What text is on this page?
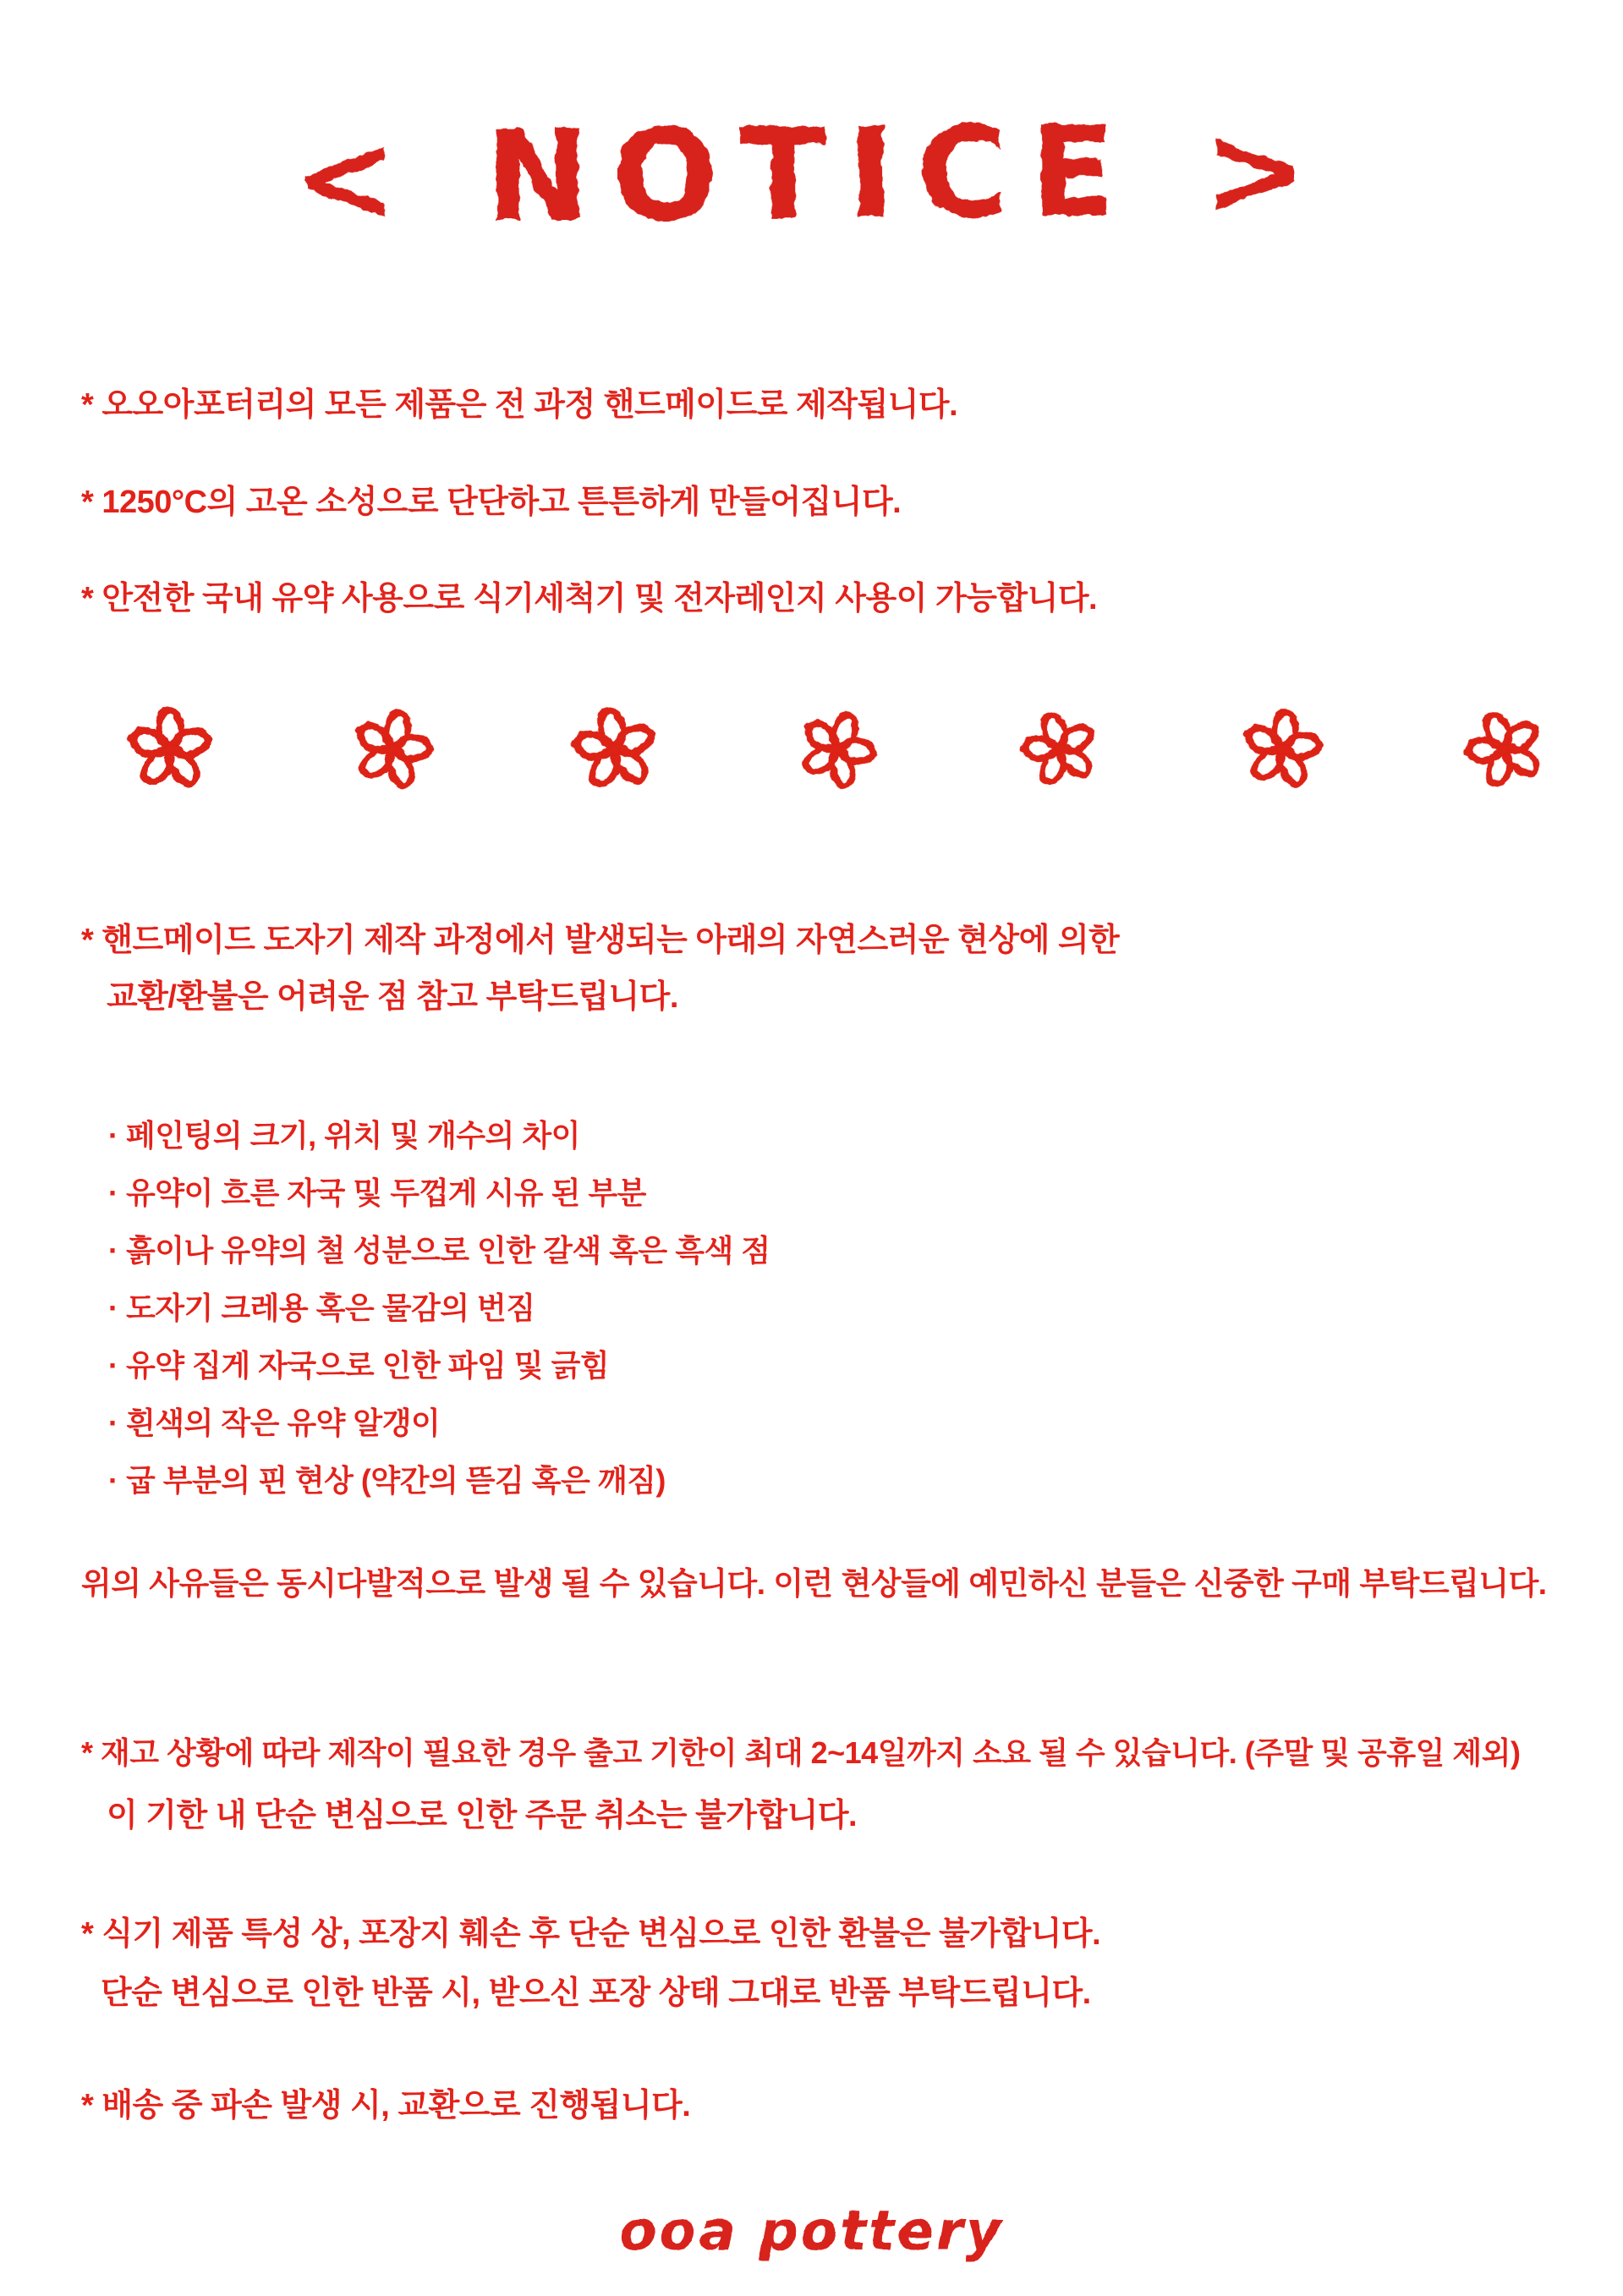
< NOTICE >
* 오오아포터리의 모든 제품은 전 과정 핸드메이드로 제작됩니다.
* 1250°C의 고온 소성으로 단단하고 튼튼하게 만들어집니다.
* 안전한 국내 유약 사용으로 식기세척기 및 전자레인지 사용이 가능합니다.
* 핸드메이드 도자기 제작 과정에서 발생되는 아래의 자연스러운 현상에 의한
교환/환불은 어려운 점 참고 부탁드립니다.
· 페인팅의 크기, 위치 및 개수의 차이
· 유약이 흐른 자국 및 두껍게 시유 된 부분
· 흙이나 유약의 철 성분으로 인한 갈색 혹은 흑색 점
· 도자기 크레용 혹은 물감의 번짐
· 유약 집게 자국으로 인한 파임 및 긁힘
· 흰색의 작은 유약 알갱이
· 굽 부분의 핀 현상 (약간의 뜯김 혹은 깨짐)
위의 사유들은 동시다발적으로 발생 될 수 있습니다. 이런 현상들에 예민하신 분들은 신중한 구매 부탁드립니다.
* 재고 상황에 따라 제작이 필요한 경우 출고 기한이 최대 2~14일까지 소요 될 수 있습니다. (주말 및 공휴일 제외)
이 기한 내 단순 변심으로 인한 주문 취소는 불가합니다.
* 식기 제품 특성 상, 포장지 훼손 후 단순 변심으로 인한 환불은 불가합니다.
단순 변심으로 인한 반품 시, 받으신 포장 상태 그대로 반품 부탁드립니다.
* 배송 중 파손 발생 시, 교환으로 진행됩니다.
ooa pottery
